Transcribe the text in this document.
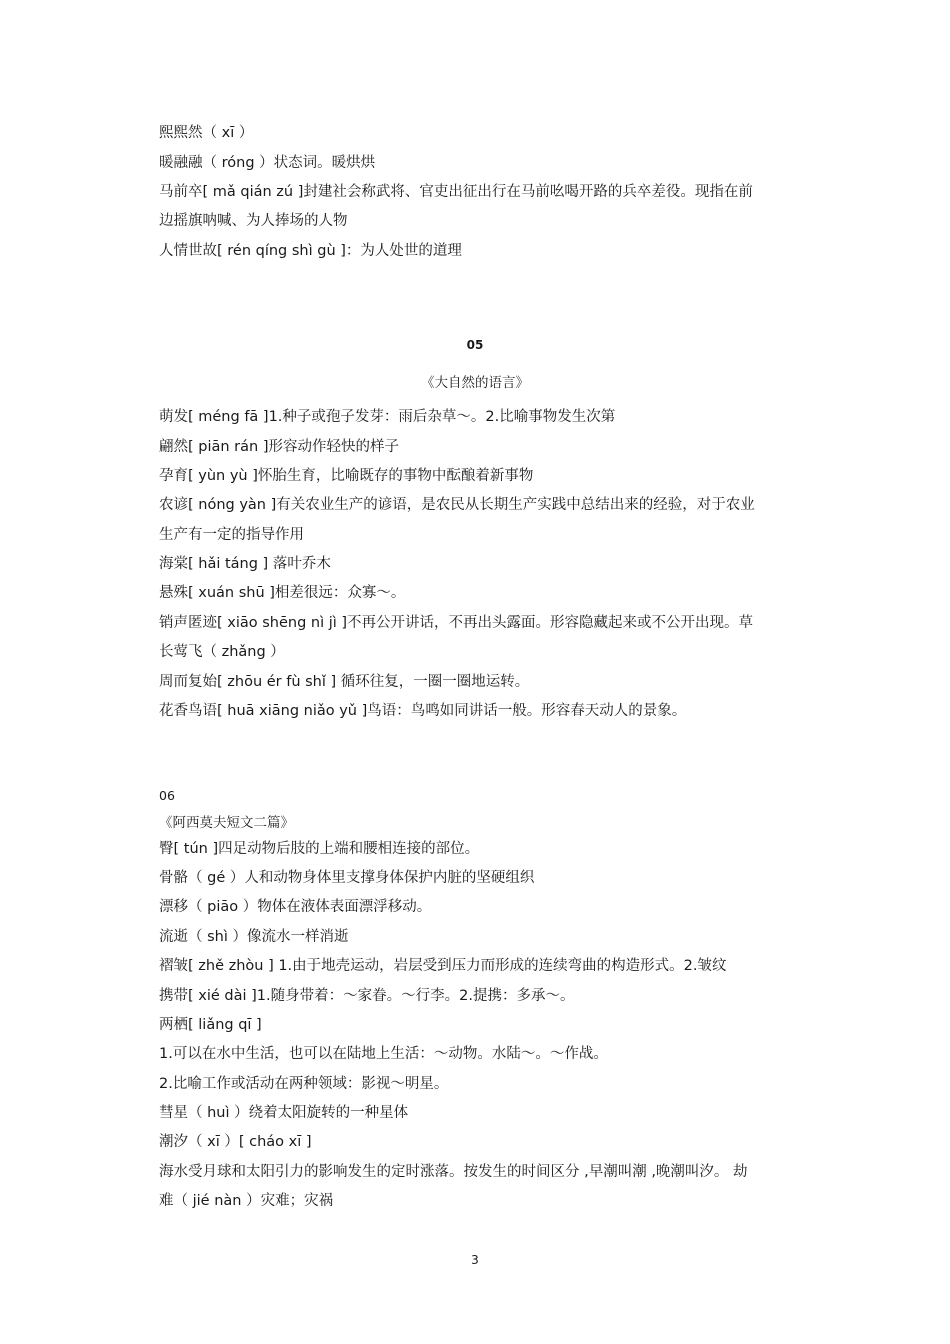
熙熙然（ xī ）
暖融融（ róng ）状态词。暖烘烘
马前卒[ mǎ qián zú ]封建社会称武将、官吏出征出行在马前吆喝开路的兵卒差役。现指在前
边摇旗呐喊、为人捧场的人物
人情世故[ rén qíng shì gù ]：为人处世的道理
05
《大自然的语言》
萌发[ méng fā ]1.种子或孢子发芽：雨后杂草～。2.比喻事物发生次第
翩然[ piān rán ]形容动作轻快的样子
孕育[ yùn yù ]怀胎生育，比喻既存的事物中酝酿着新事物
农谚[ nóng yàn ]有关农业生产的谚语，是农民从长期生产实践中总结出来的经验，对于农业
生产有一定的指导作用
海棠[ hǎi táng ] 落叶乔木
悬殊[ xuán shū ]相差很远：众寡～。
销声匿迹[ xiāo shēng nì jì ]不再公开讲话，不再出头露面。形容隐藏起来或不公开出现。草
长莺飞（ zhǎng ）
周而复始[ zhōu ér fù shǐ ] 循环往复，一圈一圈地运转。
花香鸟语[ huā xiāng niǎo yǔ ]鸟语：鸟鸣如同讲话一般。形容春天动人的景象。
06
《阿西莫夫短文二篇》
臀[ tún ]四足动物后肢的上端和腰相连接的部位。
骨骼（ gé ）人和动物身体里支撑身体保护内脏的坚硬组织
漂移（ piāo ）物体在液体表面漂浮移动。
流逝（ shì ）像流水一样消逝
褶皱[ zhě zhòu ] 1.由于地壳运动，岩层受到压力而形成的连续弯曲的构造形式。2.皱纹
携带[ xié dài ]1.随身带着：～家眷。～行李。2.提携：多承～。
两栖[ liǎng qī ]
1.可以在水中生活，也可以在陆地上生活：～动物。水陆～。～作战。
2.比喻工作或活动在两种领域：影视～明星。
彗星（ huì ）绕着太阳旋转的一种星体
潮汐（ xī ）[ cháo xī ]
海水受月球和太阳引力的影响发生的定时涨落。按发生的时间区分 ,早潮叫潮 ,晚潮叫汐。 劫
难（ jié nàn ）灾难；灾祸
3
